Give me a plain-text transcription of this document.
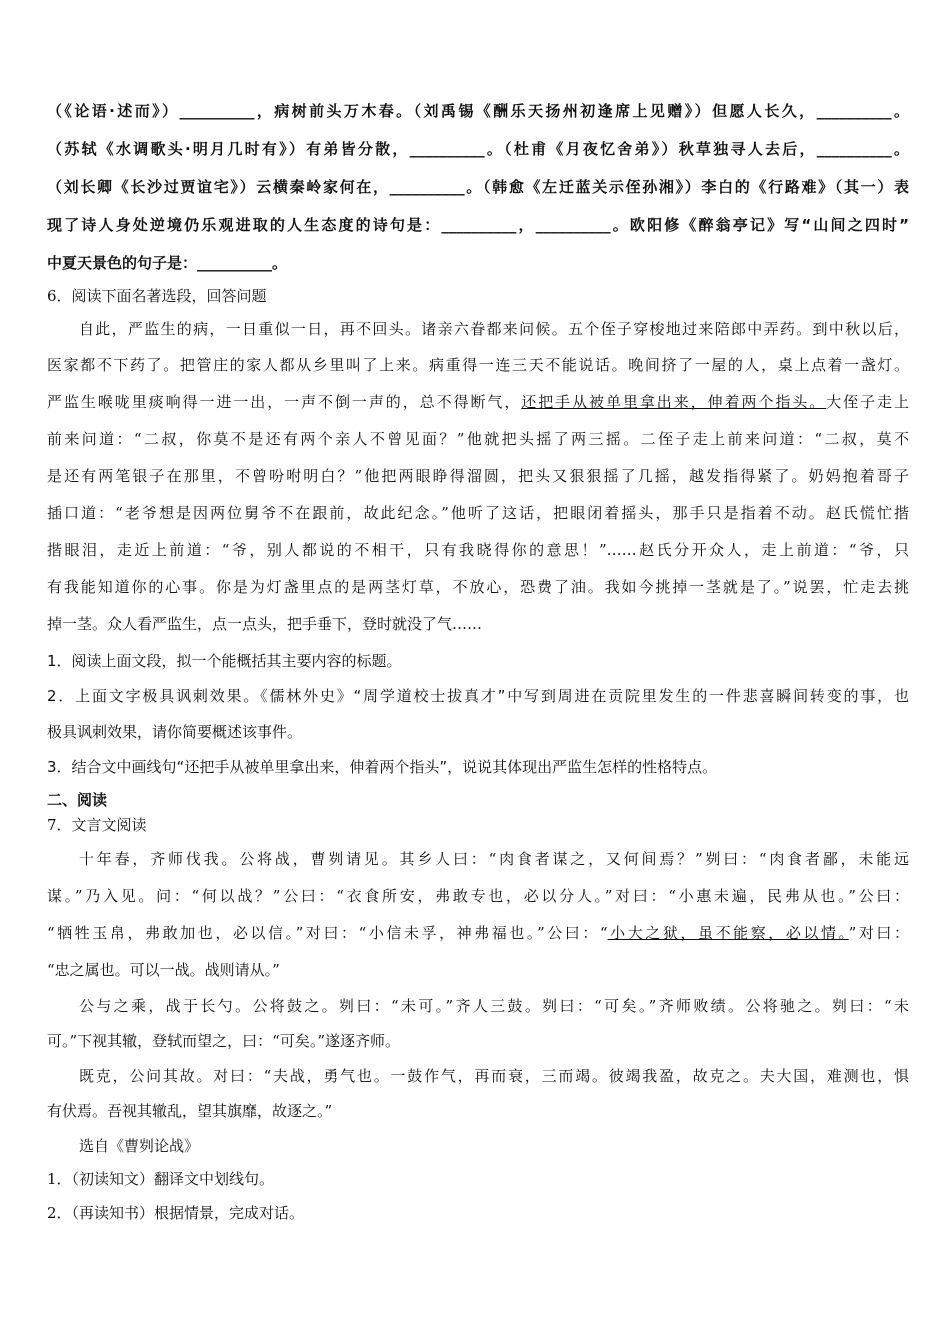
（《论语·述而》）__________，病树前头万木春。（刘禹锡《酬乐天扬州初逢席上见赠》）但愿人长久，__________。
（苏轼《水调歌头·明月几时有》）有弟皆分散，__________。（杜甫《月夜忆舍弟》）秋草独寻人去后，__________。
（刘长卿《长沙过贾谊宅》）云横秦岭家何在，__________。（韩愈《左迁蓝关示侄孙湘》）李白的《行路难》（其一）表
现了诗人身处逆境仍乐观进取的人生态度的诗句是：__________，__________。欧阳修《醉翁亭记》写“山间之四时”
中夏天景色的句子是：__________。
6．阅读下面名著选段，回答问题
自此，严监生的病，一日重似一日，再不回头。诸亲六眷都来问候。五个侄子穿梭地过来陪郎中弄药。到中秋以后，
医家都不下药了。把管庄的家人都从乡里叫了上来。病重得一连三天不能说话。晚间挤了一屋的人，桌上点着一盏灯。
严监生喉咙里痰响得一进一出，一声不倒一声的，总不得断气，还把手从被单里拿出来，伸着两个指头。大侄子走上
前来问道：“二叔，你莫不是还有两个亲人不曾见面？”他就把头摇了两三摇。二侄子走上前来问道：“二叔，莫不
是还有两笔银子在那里，不曾吩咐明白？”他把两眼睁得溜圆，把头又狠狠摇了几摇，越发指得紧了。奶妈抱着哥子
插口道：“老爷想是因两位舅爷不在跟前，故此纪念。”他听了这话，把眼闭着摇头，那手只是指着不动。赵氏慌忙揩
揩眼泪，走近上前道：“爷，别人都说的不相干，只有我晓得你的意思！”……赵氏分开众人，走上前道：“爷，只
有我能知道你的心事。你是为灯盏里点的是两茎灯草，不放心，恐费了油。我如今挑掉一茎就是了。”说罢，忙走去挑
掉一茎。众人看严监生，点一点头，把手垂下，登时就没了气……
1．阅读上面文段，拟一个能概括其主要内容的标题。
2．上面文字极具讽刺效果。《儒林外史》“周学道校士拔真才”中写到周进在贡院里发生的一件悲喜瞬间转变的事，也
极具讽刺效果，请你简要概述该事件。
3．结合文中画线句“还把手从被单里拿出来，伸着两个指头”，说说其体现出严监生怎样的性格特点。
二、阅读
7．文言文阅读
十年春，齐师伐我。公将战，曹刿请见。其乡人曰：“肉食者谋之，又何间焉？”刿曰：“肉食者鄙，未能远
谋。”乃入见。问：“何以战？”公曰：“衣食所安，弗敢专也，必以分人。”对曰：“小惠未遍，民弗从也。”公曰：
“牺牲玉帛，弗敢加也，必以信。”对曰：“小信未孚，神弗福也。”公曰：“小大之狱，虽不能察，必以情。”对曰：
“忠之属也。可以一战。战则请从。”
公与之乘，战于长勺。公将鼓之。刿曰：“未可。”齐人三鼓。刿曰：“可矣。”齐师败绩。公将驰之。刿曰：“未
可。”下视其辙，登轼而望之，曰：“可矣。”遂逐齐师。
既克，公问其故。对曰：“夫战，勇气也。一鼓作气，再而衰，三而竭。彼竭我盈，故克之。夫大国，难测也，惧
有伏焉。吾视其辙乱，望其旗靡，故逐之。”
选自《曹刿论战》
1．（初读知文）翻译文中划线句。
2．（再读知书）根据情景，完成对话。
